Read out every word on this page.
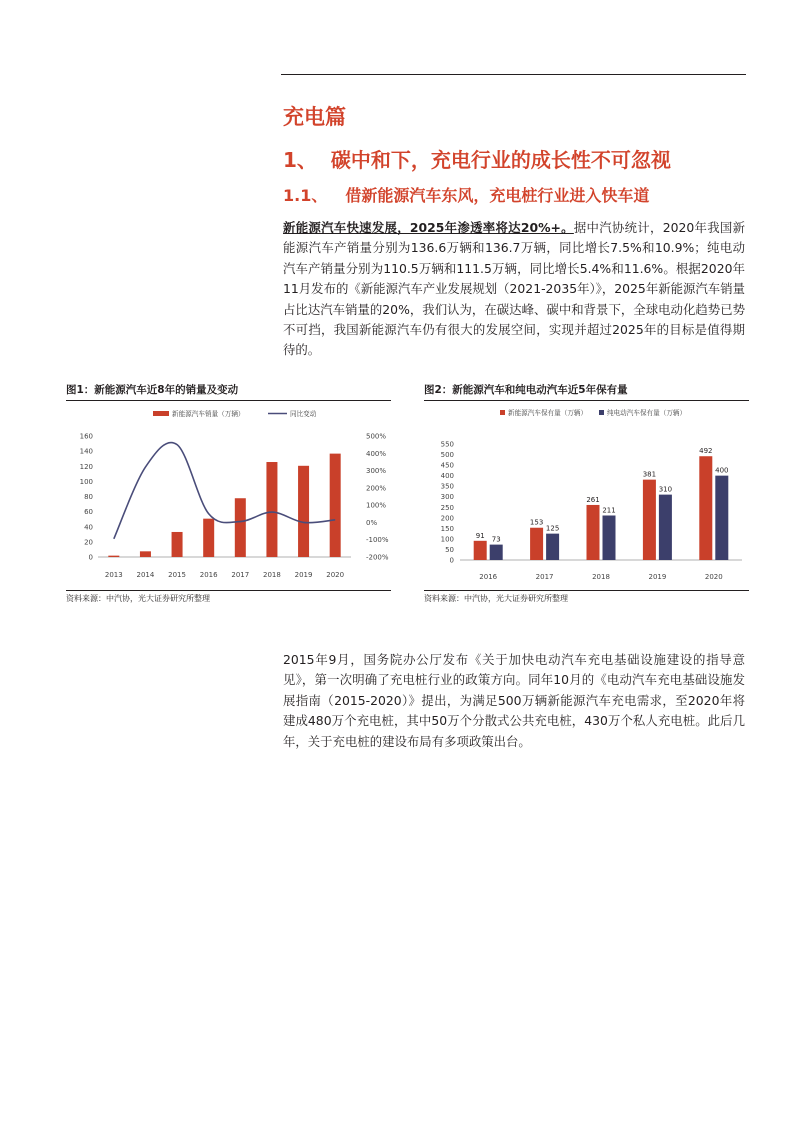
充电篇
1、 碳中和下，充电行业的成长性不可忽视
1.1、 借新能源汽车东风，充电桩行业进入快车道
新能源汽车快速发展，2025年渗透率将达20%+。据中汽协统计，2020年我国新能源汽车产销量分别为136.6万辆和136.7万辆，同比增长7.5%和10.9%；纯电动汽车产销量分别为110.5万辆和111.5万辆，同比增长5.4%和11.6%。根据2020年11月发布的《新能源汽车产业发展规划（2021-2035年）》，2025年新能源汽车销量占比达汽车销量的20%，我们认为，在碳达峰、碳中和背景下，全球电动化趋势已势不可挡，我国新能源汽车仍有很大的发展空间，实现并超过2025年的目标是值得期待的。
图1：新能源汽车近8年的销量及变动
0
20
40
60
80
100
120
140
160
-200%
-100%
0%
100%
200%
300%
400%
500%
2013 2014 2015 2016 2017 2018 2019 2020
新能源汽车销量（万辆）	同比变动
资料来源：中汽协，光大证券研究所整理
图2：新能源汽车和纯电动汽车近5年保有量
0
50
100
150
200
250
300
350
400
450
500
550
91 73
2016
153
125
2017
261
211
2018
381
310
2019
492
400
2020
新能源汽车保有量（万辆）	纯电动汽车保有量（万辆）
资料来源：中汽协，光大证券研究所整理
2015年9月，国务院办公厅发布《关于加快电动汽车充电基础设施建设的指导意见》，第一次明确了充电桩行业的政策方向。同年10月的《电动汽车充电基础设施发展指南（2015-2020）》提出，为满足500万辆新能源汽车充电需求，至2020年将建成480万个充电桩，其中50万个分散式公共充电桩，430万个私人充电桩。此后几年，关于充电桩的建设布局有多项政策出台。
